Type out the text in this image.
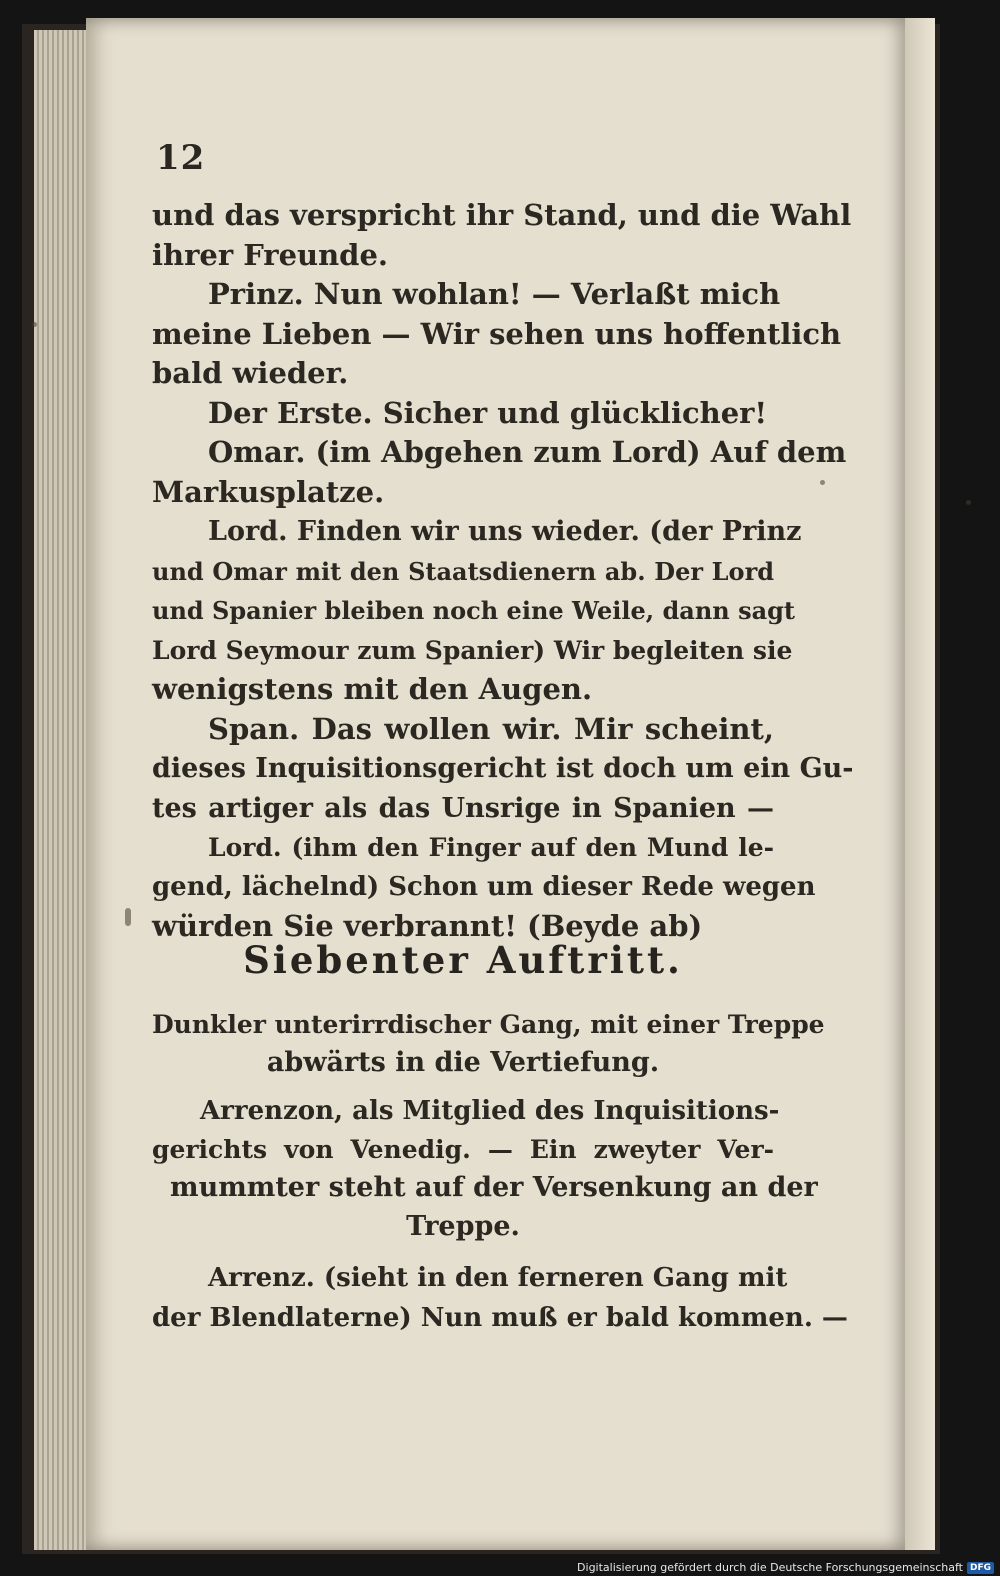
12
und das verspricht ihr Stand, und die Wahl
ihrer Freunde.
Prinz. Nun wohlan! — Verlaßt mich
meine Lieben — Wir sehen uns hoffentlich
bald wieder.
Der Erste. Sicher und glücklicher!
Omar. (im Abgehen zum Lord) Auf dem
Markusplatze.
Lord. Finden wir uns wieder. (der Prinz
und Omar mit den Staatsdienern ab. Der Lord
und Spanier bleiben noch eine Weile, dann sagt
Lord Seymour zum Spanier) Wir begleiten sie
wenigstens mit den Augen.
Span. Das wollen wir. Mir scheint,
dieses Inquisitionsgericht ist doch um ein Gu-
tes artiger als das Unsrige in Spanien —
Lord. (ihm den Finger auf den Mund le-
gend, lächelnd) Schon um dieser Rede wegen
würden Sie verbrannt! (Beyde ab)
Siebenter Auftritt.
Dunkler unterirrdischer Gang, mit einer Treppe
abwärts in die Vertiefung.
Arrenzon, als Mitglied des Inquisitions-
gerichts von Venedig. — Ein zweyter Ver-
mummter steht auf der Versenkung an der
Treppe.
Arrenz. (sieht in den ferneren Gang mit
der Blendlaterne) Nun muß er bald kommen. —
Digitalisierung gefördert durch die Deutsche Forschungsgemeinschaft DFG
